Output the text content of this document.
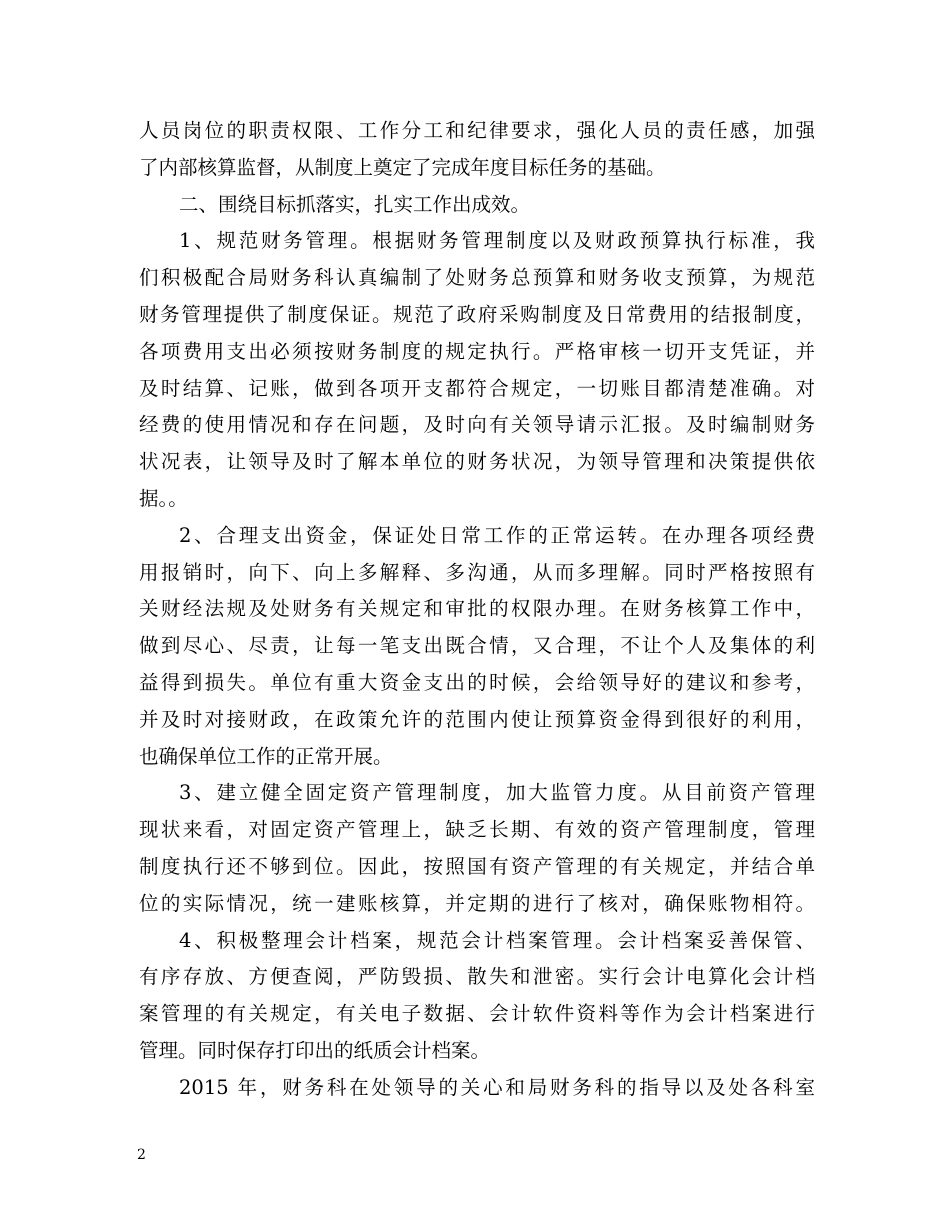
人员岗位的职责权限、工作分工和纪律要求，强化人员的责任感，加强
了内部核算监督，从制度上奠定了完成年度目标任务的基础。
二、围绕目标抓落实，扎实工作出成效。
1、规范财务管理。根据财务管理制度以及财政预算执行标准，我
们积极配合局财务科认真编制了处财务总预算和财务收支预算，为规范
财务管理提供了制度保证。规范了政府采购制度及日常费用的结报制度，
各项费用支出必须按财务制度的规定执行。严格审核一切开支凭证，并
及时结算、记账，做到各项开支都符合规定，一切账目都清楚准确。对
经费的使用情况和存在问题，及时向有关领导请示汇报。及时编制财务
状况表，让领导及时了解本单位的财务状况，为领导管理和决策提供依
据。。
2、合理支出资金，保证处日常工作的正常运转。在办理各项经费
用报销时，向下、向上多解释、多沟通，从而多理解。同时严格按照有
关财经法规及处财务有关规定和审批的权限办理。在财务核算工作中，
做到尽心、尽责，让每一笔支出既合情，又合理，不让个人及集体的利
益得到损失。单位有重大资金支出的时候，会给领导好的建议和参考，
并及时对接财政，在政策允许的范围内使让预算资金得到很好的利用，
也确保单位工作的正常开展。
3、建立健全固定资产管理制度，加大监管力度。从目前资产管理
现状来看，对固定资产管理上，缺乏长期、有效的资产管理制度，管理
制度执行还不够到位。因此，按照国有资产管理的有关规定，并结合单
位的实际情况，统一建账核算，并定期的进行了核对，确保账物相符。
4、积极整理会计档案，规范会计档案管理。会计档案妥善保管、
有序存放、方便查阅，严防毁损、散失和泄密。实行会计电算化会计档
案管理的有关规定，有关电子数据、会计软件资料等作为会计档案进行
管理。同时保存打印出的纸质会计档案。
2015 年，财务科在处领导的关心和局财务科的指导以及处各科室
2
